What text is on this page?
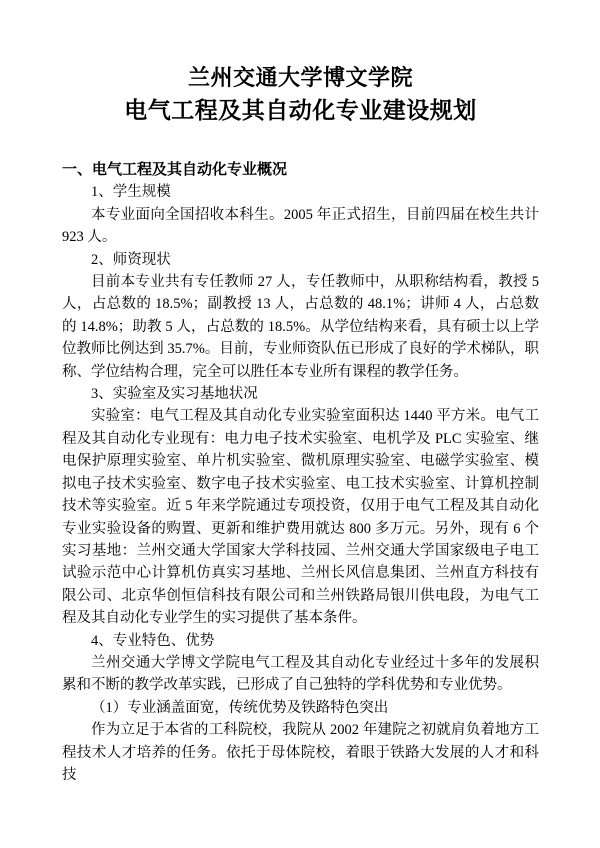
兰州交通大学博文学院
电气工程及其自动化专业建设规划
一、电气工程及其自动化专业概况
1、学生规模
本专业面向全国招收本科生。2005 年正式招生，目前四届在校生共计 923 人。
2、师资现状
目前本专业共有专任教师 27 人，专任教师中，从职称结构看，教授 5 人，占总数的 18.5%；副教授 13 人，占总数的 48.1%；讲师 4 人，占总数的 14.8%；助教 5 人，占总数的 18.5%。从学位结构来看，具有硕士以上学位教师比例达到 35.7%。目前，专业师资队伍已形成了良好的学术梯队，职称、学位结构合理，完全可以胜任本专业所有课程的教学任务。
3、实验室及实习基地状况
实验室：电气工程及其自动化专业实验室面积达 1440 平方米。电气工程及其自动化专业现有：电力电子技术实验室、电机学及 PLC 实验室、继电保护原理实验室、单片机实验室、微机原理实验室、电磁学实验室、模拟电子技术实验室、数字电子技术实验室、电工技术实验室、计算机控制技术等实验室。近 5 年来学院通过专项投资，仅用于电气工程及其自动化专业实验设备的购置、更新和维护费用就达 800 多万元。另外，现有 6 个实习基地：兰州交通大学国家大学科技园、兰州交通大学国家级电子电工试验示范中心计算机仿真实习基地、兰州长风信息集团、兰州直方科技有限公司、北京华创恒信科技有限公司和兰州铁路局银川供电段，为电气工程及其自动化专业学生的实习提供了基本条件。
4、专业特色、优势
兰州交通大学博文学院电气工程及其自动化专业经过十多年的发展积累和不断的教学改革实践，已形成了自己独特的学科优势和专业优势。
（1）专业涵盖面宽，传统优势及铁路特色突出
作为立足于本省的工科院校，我院从 2002 年建院之初就肩负着地方工程技术人才培养的任务。依托于母体院校，着眼于铁路大发展的人才和科技
